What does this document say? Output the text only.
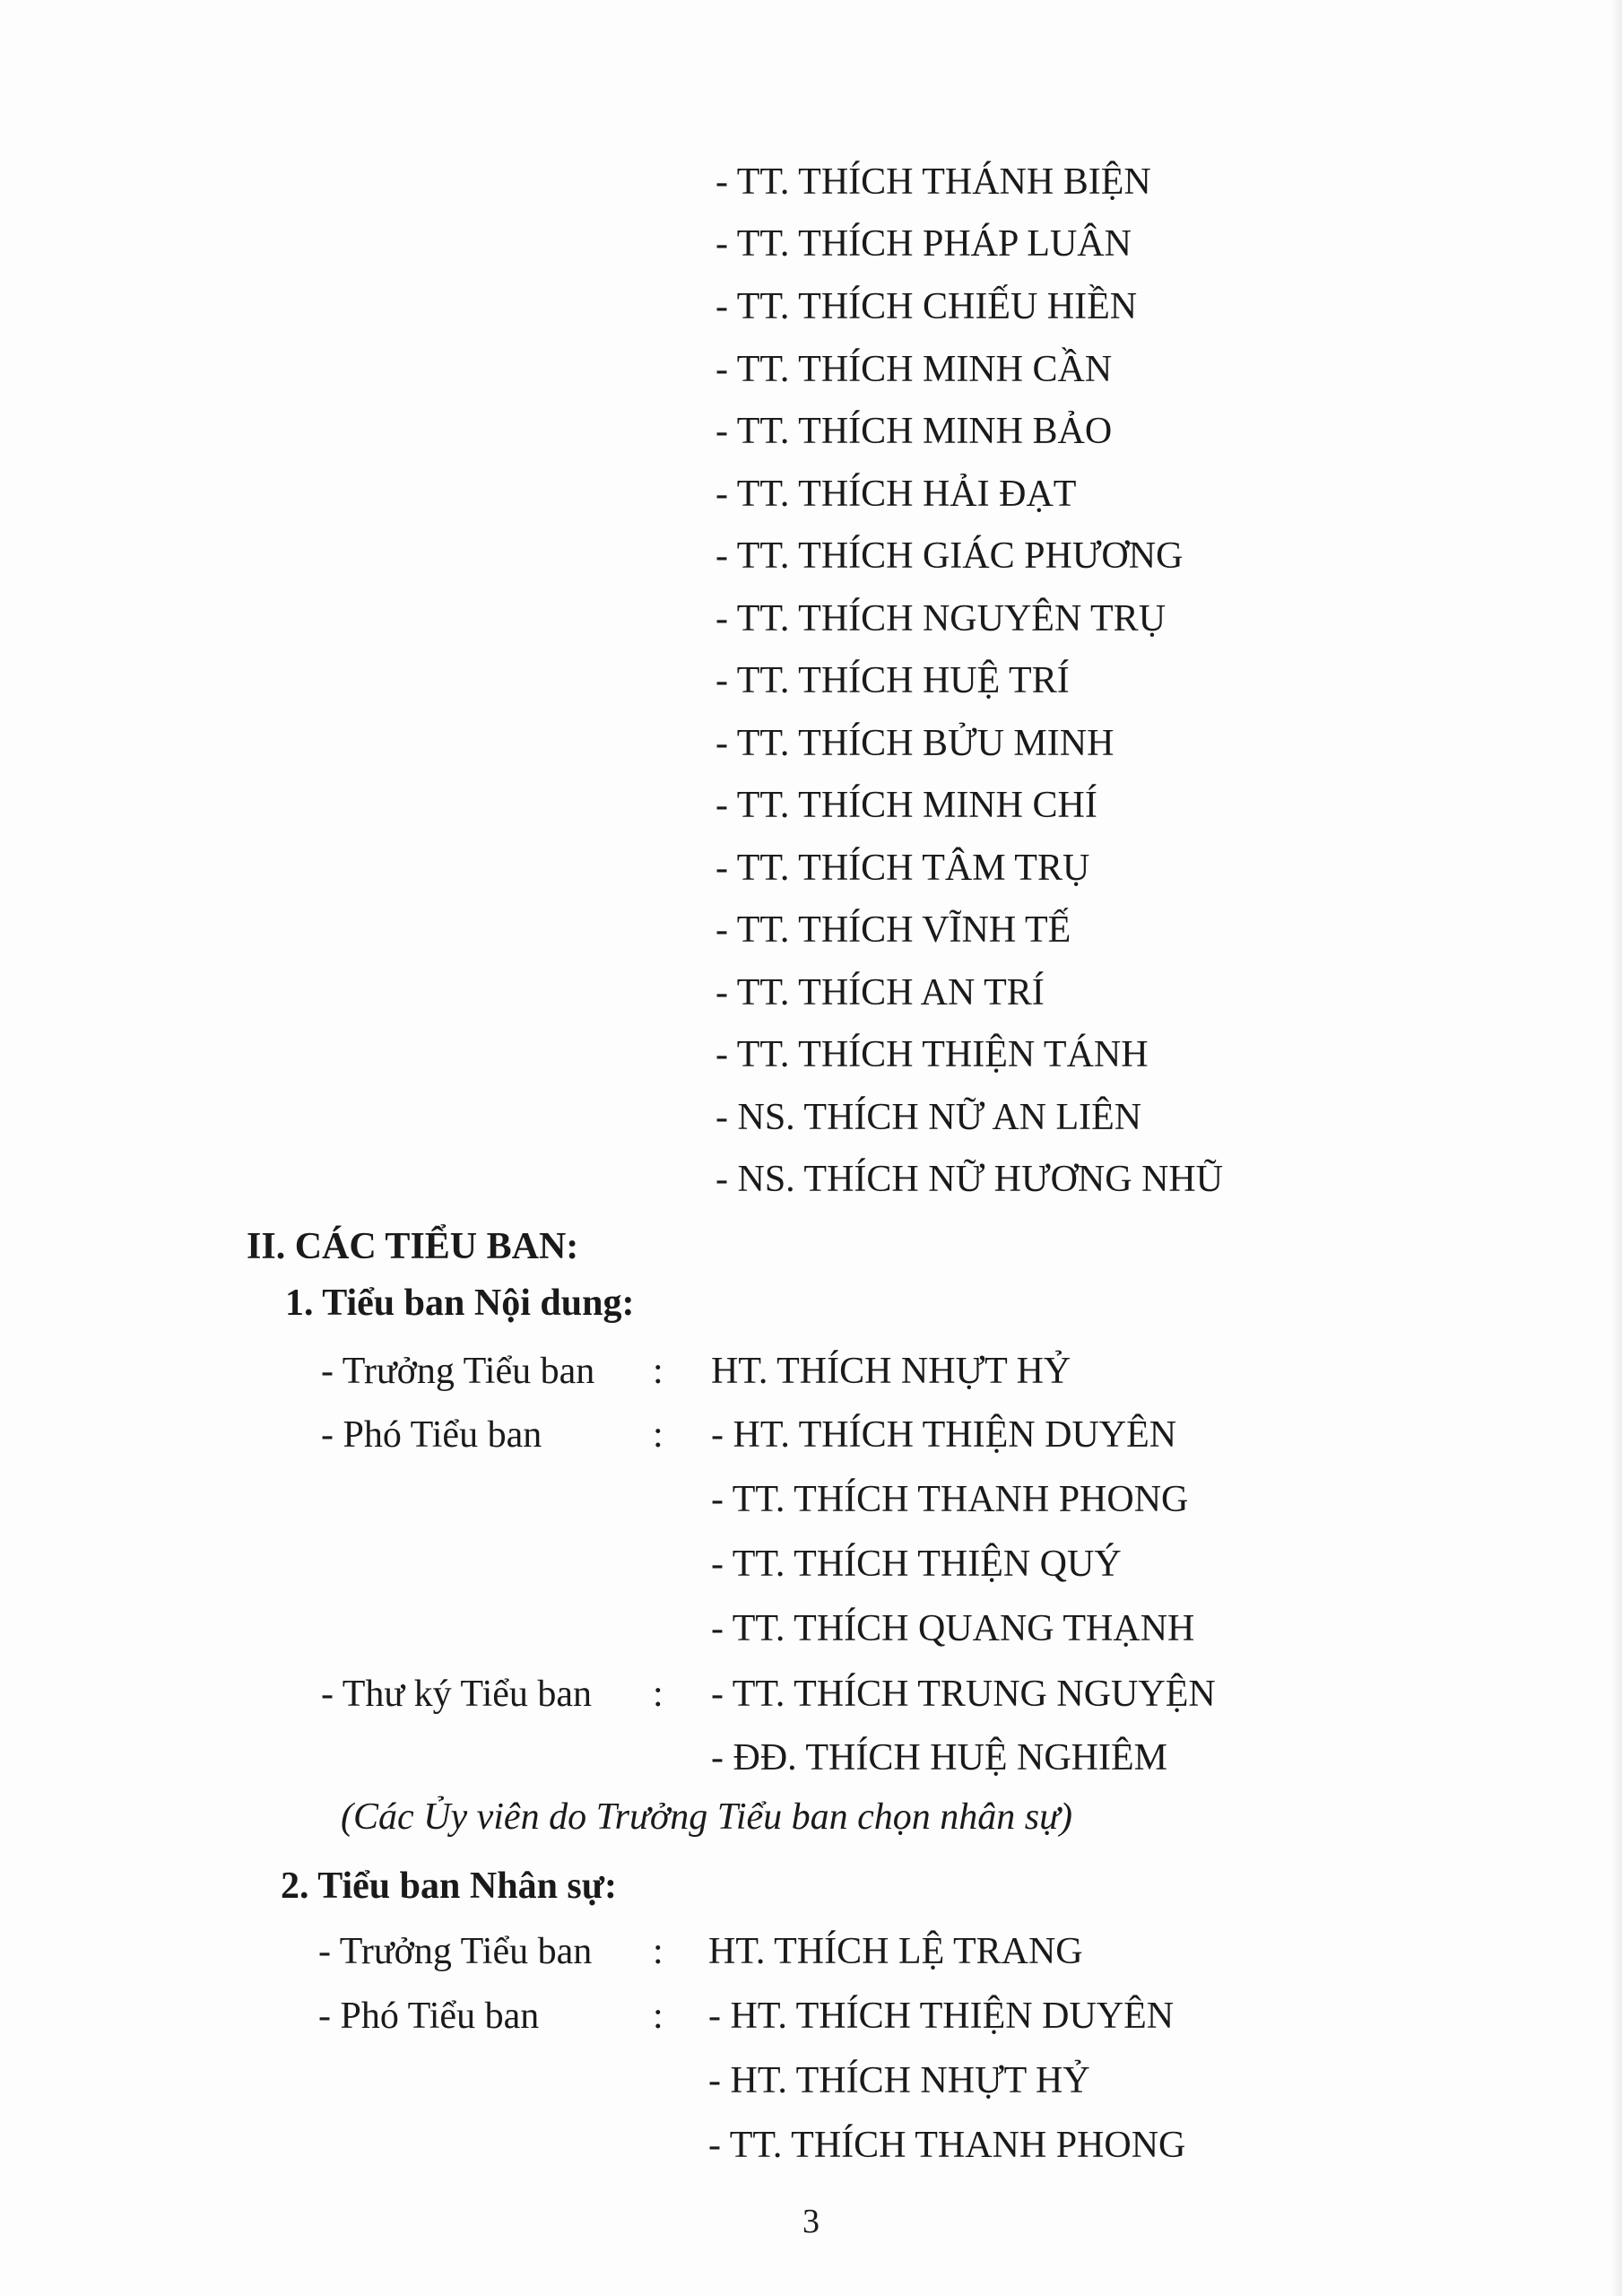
- TT. THÍCH THÁNH BIỆN
- TT. THÍCH PHÁP LUÂN
- TT. THÍCH CHIẾU HIỀN
- TT. THÍCH MINH CẦN
- TT. THÍCH MINH BẢO
- TT. THÍCH HẢI ĐẠT
- TT. THÍCH GIÁC PHƯƠNG
- TT. THÍCH NGUYÊN TRỤ
- TT. THÍCH HUỆ TRÍ
- TT. THÍCH BỬU MINH
- TT. THÍCH MINH CHÍ
- TT. THÍCH TÂM TRỤ
- TT. THÍCH VĨNH TẾ
- TT. THÍCH AN TRÍ
- TT. THÍCH THIỆN TÁNH
- NS. THÍCH NỮ AN LIÊN
- NS. THÍCH NỮ HƯƠNG NHŨ
II. CÁC TIỂU BAN:
1. Tiểu ban Nội dung:
- Trưởng Tiểu ban : HT. THÍCH NHỰT HỶ
- Phó Tiểu ban	: - HT. THÍCH THIỆN DUYÊN
- TT. THÍCH THANH PHONG
- TT. THÍCH THIỆN QUÝ
- TT. THÍCH QUANG THẠNH
- Thư ký Tiểu ban : - TT. THÍCH TRUNG NGUYỆN
- ĐĐ. THÍCH HUỆ NGHIÊM
(Các Ủy viên do Trưởng Tiểu ban chọn nhân sự)
2. Tiểu ban Nhân sự:
- Trưởng Tiểu ban : HT. THÍCH LỆ TRANG
- Phó Tiểu ban	: - HT. THÍCH THIỆN DUYÊN
- HT. THÍCH NHỰT HỶ
- TT. THÍCH THANH PHONG
3
